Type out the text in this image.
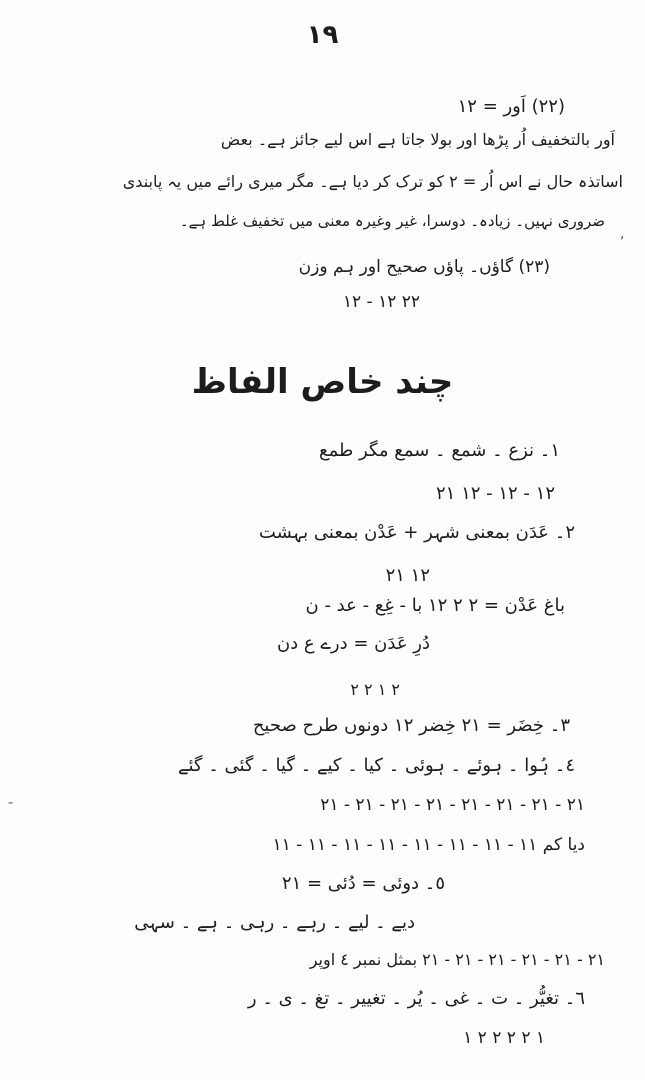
١٩
(٢٢) اَور = ١٢
اَور بالتخفیف اُر پڑھا اور بولا جاتا ہے اس لیے جائز ہے۔ بعض
اساتذہ حال نے اس اُر = ٢ کو ترک کر دیا ہے۔ مگر میری رائے میں یہ پابندی
ضروری نہیں۔ زیادہ۔ دوسرا، غیر وغیرہ معنی میں تخفیف غلط ہے۔
(٢٣) گاؤں۔ پاؤں صحیح اور ہم وزن
٢٢ ١٢ - ١٢
,
-
چند خاص الفاظ
١۔ نزع ۔ شمع ۔ سمع مگر طمع
١٢ - ١٢ - ١٢ ٢١
٢۔ عَدَن بمعنی شہر + عَدْن بمعنی بہشت
١٢ ٢١
باغ عَدْن = ٢ ٢ ١٢ با - غِع - عد - ن
دُرِ عَدَن = درے ع دن
٢ ١ ٢ ٢
٣۔ خِضَر = ٢١ خِضر ١٢ دونوں طرح صحیح
٤۔ ہُوا ۔ ہوئے ۔ ہوئی ۔ کیا ۔ کیے ۔ گیا ۔ گئی ۔ گئے
٢١ - ٢١ - ٢١ - ٢١ - ٢١ - ٢١ - ٢١ - ٢١
دیا کم ١١ - ١١ - ١١ - ١١ - ١١ - ١١ - ١١ - ١١
٥۔ دوئی = دُئی = ٢١
دیے ۔ لیے ۔ رہے ۔ رہی ۔ ہے ۔ سہی
٢١ - ٢١ - ٢١ - ٢١ - ٢١ - ٢١ بمثل نمبر ٤ اوپر
٦۔ تغیُّر ۔ ت ۔ غی ۔ یُر ۔ تغییر ۔ تغ ۔ ی ۔ ر
١ ٢ ٢ ٢ ٢ ١
